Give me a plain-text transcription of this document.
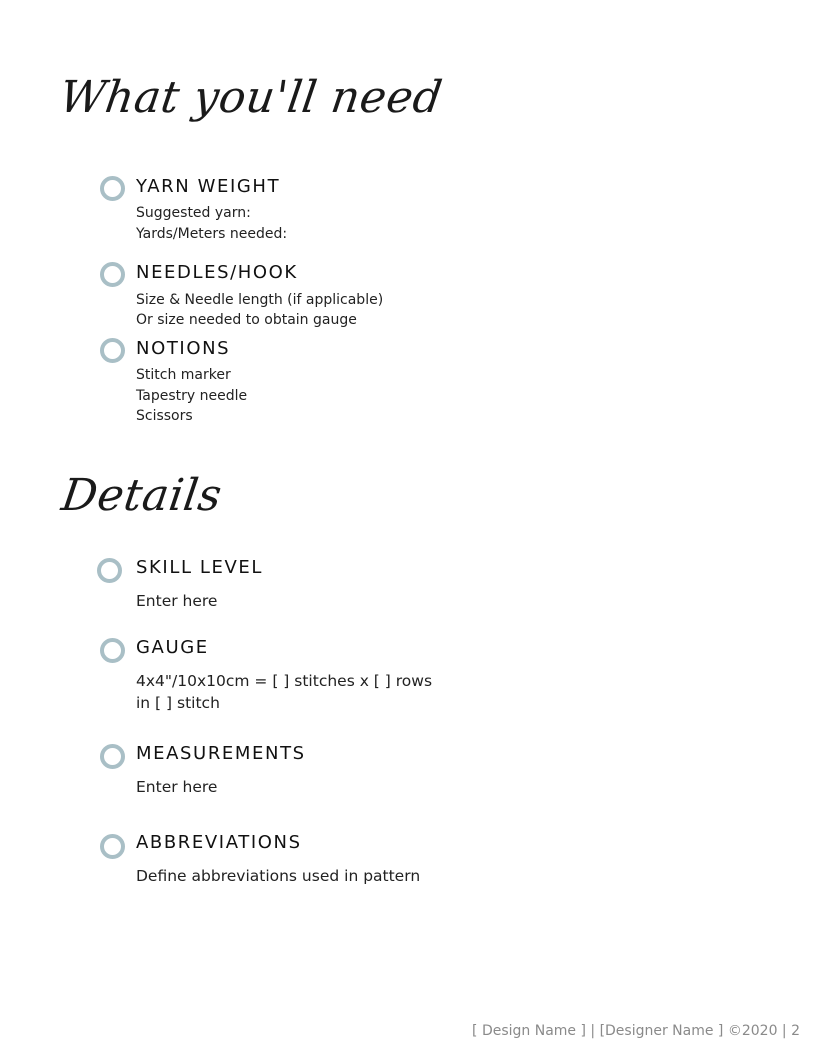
What you'll need
YARN WEIGHT

Suggested yarn:

Yards/Meters needed:

NEEDLES/HOOK

Size & Needle length (if applicable)

Or size needed to obtain gauge

NOTIONS

Stitch marker

Tapestry needle

Scissors

Details
SKILL LEVEL

Enter here

GAUGE

4x4"/10x10cm = [ ] stitches x [ ] rows

in [ ] stitch

MEASUREMENTS

Enter here

ABBREVIATIONS

Define abbreviations used in pattern

[ Design Name ] | [Designer Name ] ©2020 | 2
